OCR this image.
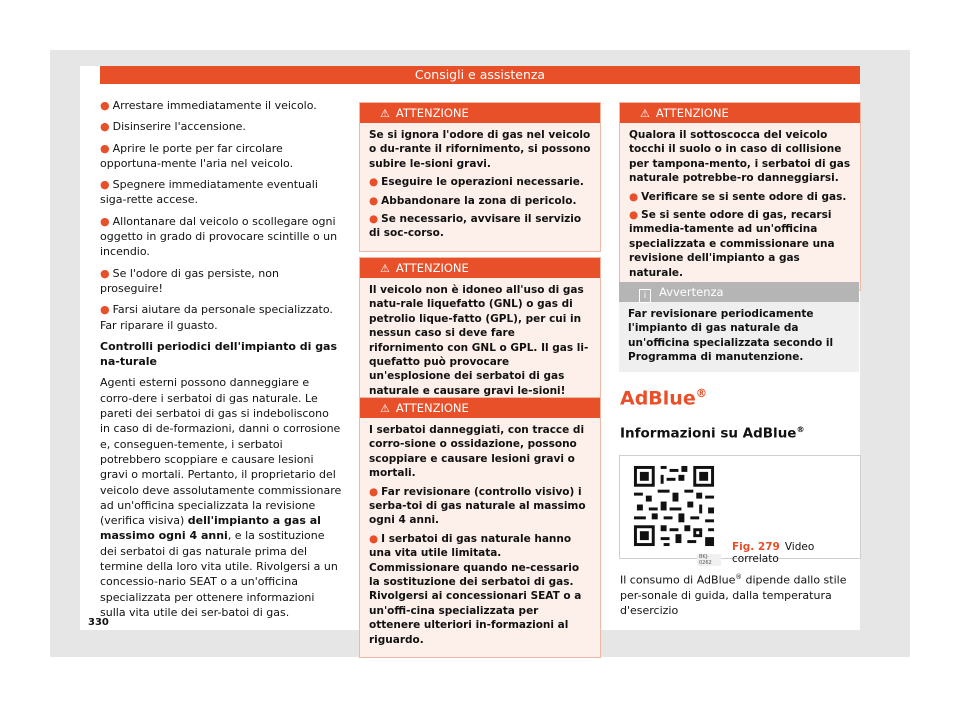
Consigli e assistenza

● Arrestare immediatamente il veicolo.

● Disinserire l'accensione.

● Aprire le porte per far circolare opportuna-mente l'aria nel veicolo.

● Spegnere immediatamente eventuali siga-rette accese.

● Allontanare dal veicolo o scollegare ogni oggetto in grado di provocare scintille o un incendio.

● Se l'odore di gas persiste, non proseguire!

● Farsi aiutare da personale specializzato. Far riparare il guasto.

Controlli periodici dell'impianto di gas na-turale

Agenti esterni possono danneggiare e corro-dere i serbatoi di gas naturale. Le pareti dei serbatoi di gas si indeboliscono in caso di de-formazioni, danni o corrosione e, conseguen-temente, i serbatoi potrebbero scoppiare e causare lesioni gravi o mortali. Pertanto, il proprietario del veicolo deve assolutamente commissionare ad un'officina specializzata la revisione (verifica visiva) dell'impianto a gas al massimo ogni 4 anni, e la sostituzione dei serbatoi di gas naturale prima del termine della loro vita utile. Rivolgersi a un concessio-nario SEAT o a un'officina specializzata per ottenere informazioni sulla vita utile dei ser-batoi di gas.

330
⚠ ATTENZIONE

Se si ignora l'odore di gas nel veicolo o du-rante il rifornimento, si possono subire le-sioni gravi.

● Eseguire le operazioni necessarie.

● Abbandonare la zona di pericolo.

● Se necessario, avvisare il servizio di soc-corso.

⚠ ATTENZIONE

Il veicolo non è idoneo all'uso di gas natu-rale liquefatto (GNL) o gas di petrolio lique-fatto (GPL), per cui in nessun caso si deve fare rifornimento con GNL o GPL. Il gas li-quefatto può provocare un'esplosione dei serbatoi di gas naturale e causare gravi le-sioni!

⚠ ATTENZIONE

I serbatoi danneggiati, con tracce di corro-sione o ossidazione, possono scoppiare e causare lesioni gravi o mortali.

● Far revisionare (controllo visivo) i serba-toi di gas naturale al massimo ogni 4 anni.

● I serbatoi di gas naturale hanno una vita utile limitata. Commissionare quando ne-cessario la sostituzione dei serbatoi di gas. Rivolgersi ai concessionari SEAT o a un'offi-cina specializzata per ottenere ulteriori in-formazioni al riguardo.

⚠ ATTENZIONE

Qualora il sottoscocca del veicolo tocchi il suolo o in caso di collisione per tampona-mento, i serbatoi di gas naturale potrebbe-ro danneggiarsi.

● Verificare se si sente odore di gas.

● Se si sente odore di gas, recarsi immedia-tamente ad un'officina specializzata e commissionare una revisione dell'impianto a gas naturale.

i Avvertenza
Far revisionare periodicamente l'impianto di gas naturale da un'officina specializzata secondo il Programma di manutenzione.
AdBlue®
Informazioni su AdBlue®
BKJ-0262
Fig. 279 Video correlato
Il consumo di AdBlue® dipende dallo stile per-sonale di guida, dalla temperatura d'esercizio
